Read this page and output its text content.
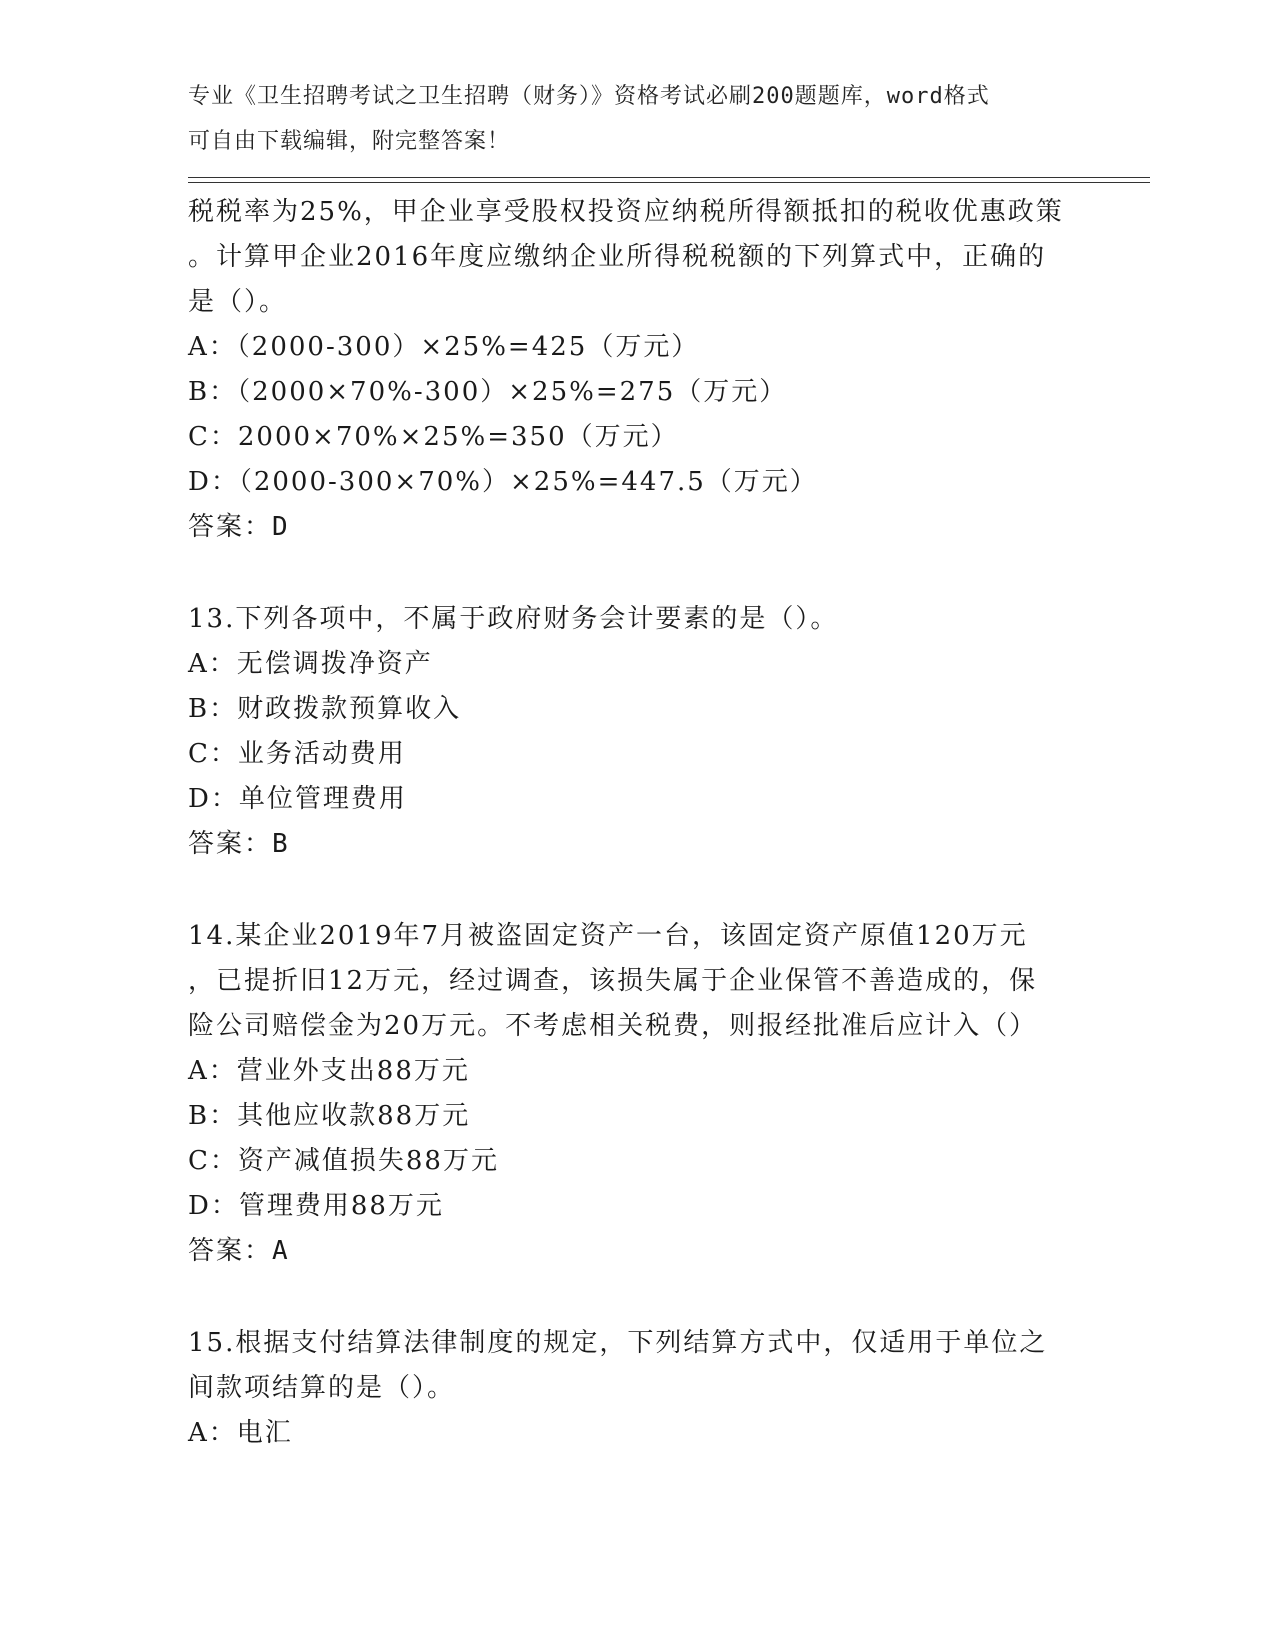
专业《卫生招聘考试之卫生招聘（财务）》资格考试必刷200题题库，word格式
可自由下载编辑，附完整答案！
税税率为25%，甲企业享受股权投资应纳税所得额抵扣的税收优惠政策
。计算甲企业2016年度应缴纳企业所得税税额的下列算式中，正确的
是（）。
A：（2000-300）×25%=425（万元）
B：（2000×70%-300）×25%=275（万元）
C：2000×70%×25%=350（万元）
D：（2000-300×70%）×25%=447.5（万元）
答案：D
13.下列各项中，不属于政府财务会计要素的是（）。
A：无偿调拨净资产
B：财政拨款预算收入
C：业务活动费用
D：单位管理费用
答案：B
14.某企业2019年7月被盗固定资产一台，该固定资产原值120万元
，已提折旧12万元，经过调查，该损失属于企业保管不善造成的，保
险公司赔偿金为20万元。不考虑相关税费，则报经批准后应计入（）
A：营业外支出88万元
B：其他应收款88万元
C：资产减值损失88万元
D：管理费用88万元
答案：A
15.根据支付结算法律制度的规定，下列结算方式中，仅适用于单位之
间款项结算的是（）。
A：电汇
